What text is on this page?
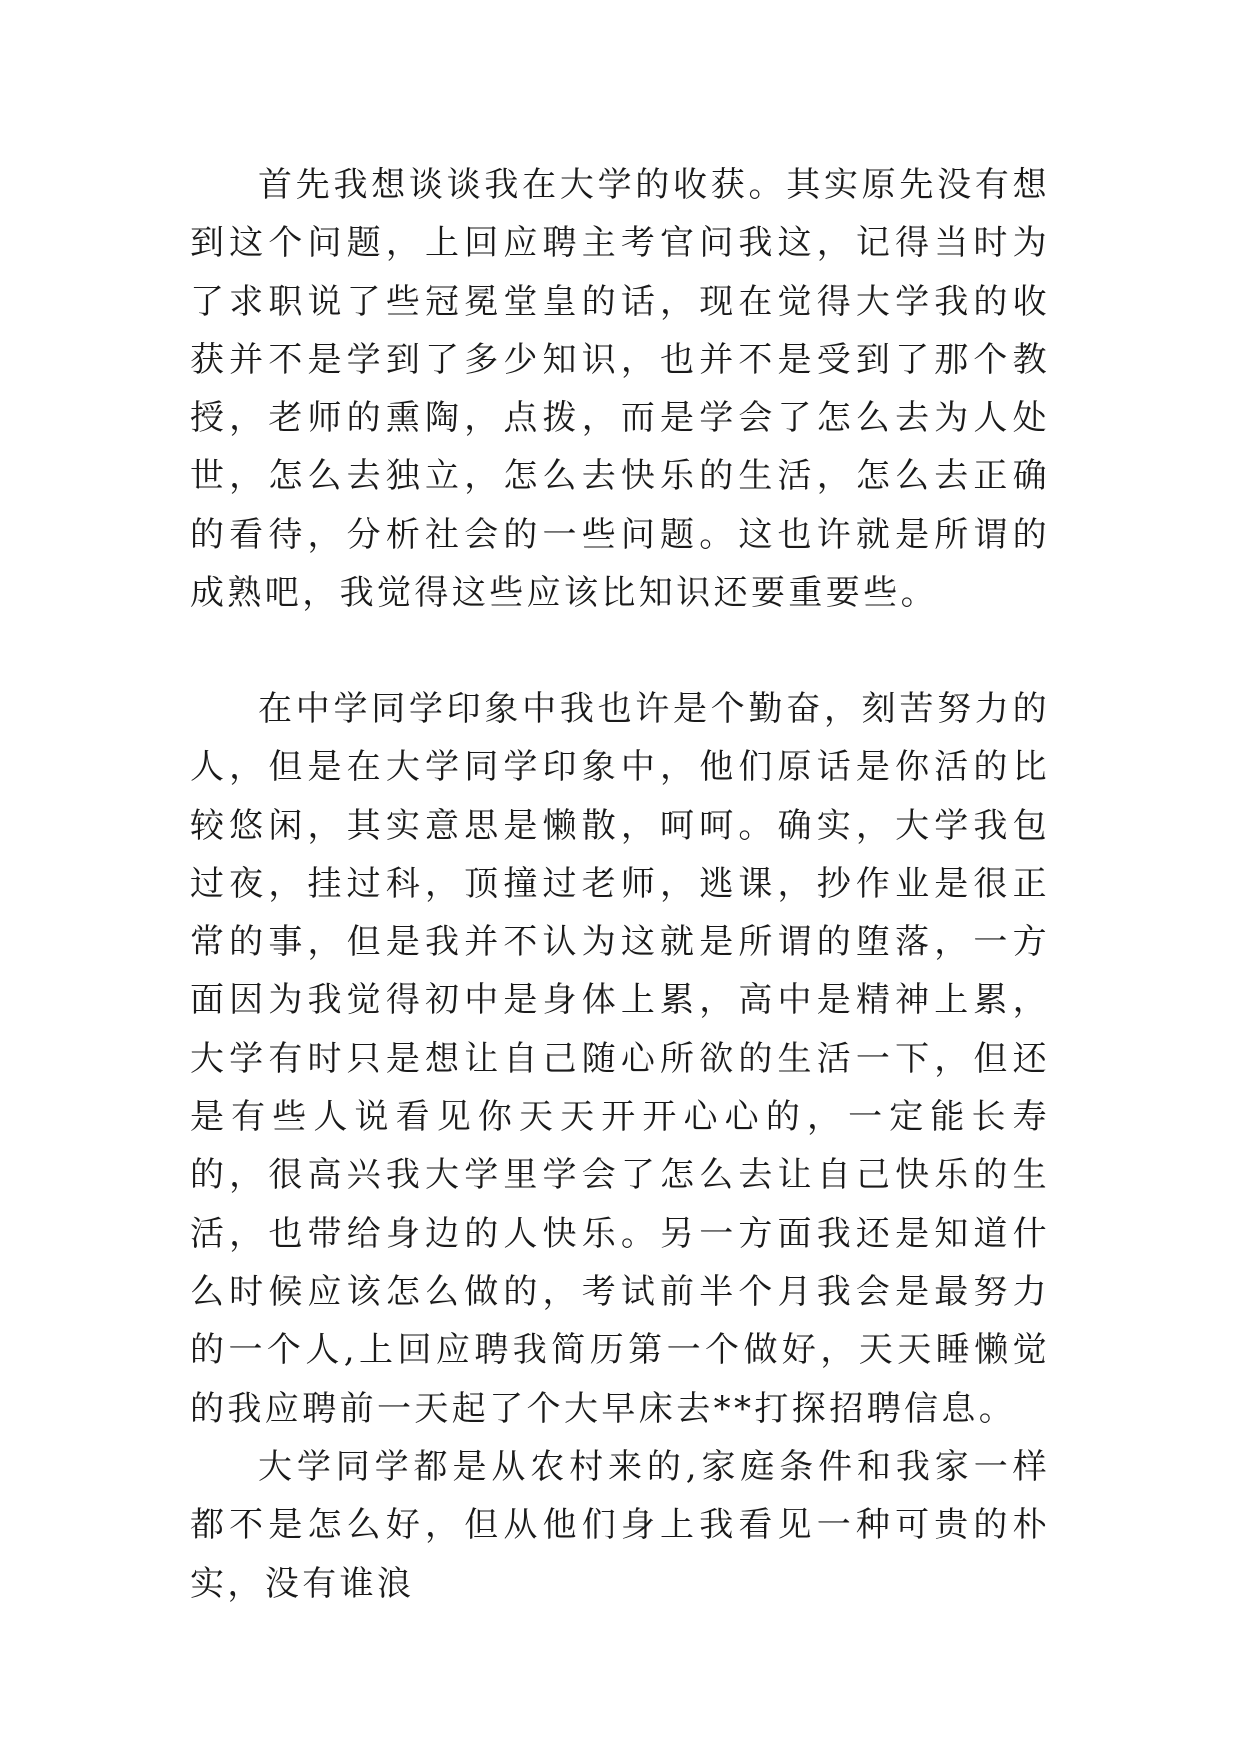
首先我想谈谈我在大学的收获。其实原先没有想到这个问题，上回应聘主考官问我这，记得当时为了求职说了些冠冕堂皇的话，现在觉得大学我的收获并不是学到了多少知识，也并不是受到了那个教授，老师的熏陶，点拨，而是学会了怎么去为人处世，怎么去独立，怎么去快乐的生活，怎么去正确的看待，分析社会的一些问题。这也许就是所谓的成熟吧，我觉得这些应该比知识还要重要些。

在中学同学印象中我也许是个勤奋，刻苦努力的人，但是在大学同学印象中，他们原话是你活的比较悠闲，其实意思是懒散，呵呵。确实，大学我包过夜，挂过科，顶撞过老师，逃课，抄作业是很正常的事，但是我并不认为这就是所谓的堕落，一方面因为我觉得初中是身体上累，高中是精神上累，大学有时只是想让自己随心所欲的生活一下，但还是有些人说看见你天天开开心心的，一定能长寿的，很高兴我大学里学会了怎么去让自己快乐的生活，也带给身边的人快乐。另一方面我还是知道什么时候应该怎么做的，考试前半个月我会是最努力的一个人,上回应聘我简历第一个做好，天天睡懒觉的我应聘前一天起了个大早床去**打探招聘信息。

大学同学都是从农村来的,家庭条件和我家一样都不是怎么好，但从他们身上我看见一种可贵的朴实，没有谁浪
